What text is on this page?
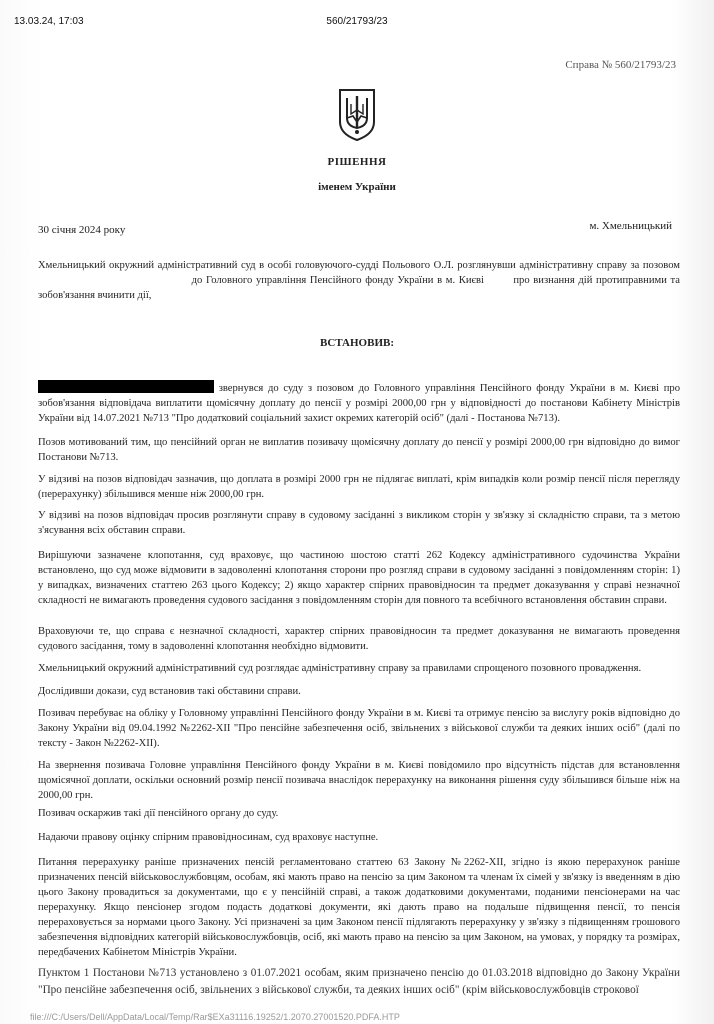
13.03.24, 17:03	560/21793/23
Справа № 560/21793/23
РІШЕННЯ
іменем України
30 січня 2024 року	м. Хмельницький

Хмельницький окружний адміністративний суд в особі головуючого-судді Польового О.Л. розглянувши адміністративну справу за позовом  до Головного управління Пенсійного фонду України в м. Києві	про визнання дій протиправними та зобов'язання вчинити дії,

ВСТАНОВИВ:

звернувся до суду з позовом до Головного управління Пенсійного фонду України в м. Києві про зобов'язання відповідача виплатити щомісячну доплату до пенсії у розмірі 2000,00 грн у відповідності до постанови Кабінету Міністрів України від 14.07.2021 №713 "Про додатковий соціальний захист окремих категорій осіб" (далі - Постанова №713).

Позов мотивований тим, що пенсійний орган не виплатив позивачу щомісячну доплату до пенсії у розмірі 2000,00 грн відповідно до вимог Постанови №713.

У відзиві на позов відповідач зазначив, що доплата в розмірі 2000 грн не підлягає виплаті, крім випадків коли розмір пенсії після перегляду (перерахунку) збільшився менше ніж 2000,00 грн.

У відзиві на позов відповідач просив розглянути справу в судовому засіданні з викликом сторін у зв'язку зі складністю справи, та з метою з'ясування всіх обставин справи.

Вирішуючи зазначене клопотання, суд враховує, що частиною шостою статті 262 Кодексу адміністративного судочинства України встановлено, що суд може відмовити в задоволенні клопотання сторони про розгляд справи в судовому засіданні з повідомленням сторін: 1) у випадках, визначених статтею 263 цього Кодексу; 2) якщо характер спірних правовідносин та предмет доказування у справі незначної складності не вимагають проведення судового засідання з повідомленням сторін для повного та всебічного встановлення обставин справи.

Враховуючи те, що справа є незначної складності, характер спірних правовідносин та предмет доказування не вимагають проведення судового засідання, тому в задоволенні клопотання необхідно відмовити.

Хмельницький окружний адміністративний суд розглядає адміністративну справу за правилами спрощеного позовного провадження.

Дослідивши докази, суд встановив такі обставини справи.

Позивач перебуває на обліку у Головному управлінні Пенсійного фонду України в м. Києві та отримує пенсію за вислугу років відповідно до Закону України від 09.04.1992 №2262-XII "Про пенсійне забезпечення осіб, звільнених з військової служби та деяких інших осіб" (далі по тексту - Закон №2262-XII).

На звернення позивача Головне управління Пенсійного фонду України в м. Києві повідомило про відсутність підстав для встановлення щомісячної доплати, оскільки основний розмір пенсії позивача внаслідок перерахунку на виконання рішення суду збільшився більше ніж на 2000,00 грн.

Позивач оскаржив такі дії пенсійного органу до суду.

Надаючи правову оцінку спірним правовідносинам, суд враховує наступне.

Питання перерахунку раніше призначених пенсій регламентовано статтею 63 Закону №2262-XII, згідно із якою перерахунок раніше призначених пенсій військовослужбовцям, особам, які мають право на пенсію за цим Законом та членам їх сімей у зв'язку із введенням в дію цього Закону провадиться за документами, що є у пенсійній справі, а також додатковими документами, поданими пенсіонерами на час перерахунку. Якщо пенсіонер згодом подасть додаткові документи, які дають право на подальше підвищення пенсії, то пенсія перераховується за нормами цього Закону. Усі призначені за цим Законом пенсії підлягають перерахунку у зв'язку з підвищенням грошового забезпечення відповідних категорій військовослужбовців, осіб, які мають право на пенсію за цим Законом, на умовах, у порядку та розмірах, передбачених Кабінетом Міністрів України.

Пунктом 1 Постанови №713 установлено з 01.07.2021 особам, яким призначено пенсію до 01.03.2018 відповідно до Закону України "Про пенсійне забезпечення осіб, звільнених з військової служби, та деяких інших осіб" (крім військовослужбовців строкової

file:///C:/Users/Dell/AppData/Local/Temp/Rar$EXa31116.19252/1.2070.27001520.PDFA.HTP
